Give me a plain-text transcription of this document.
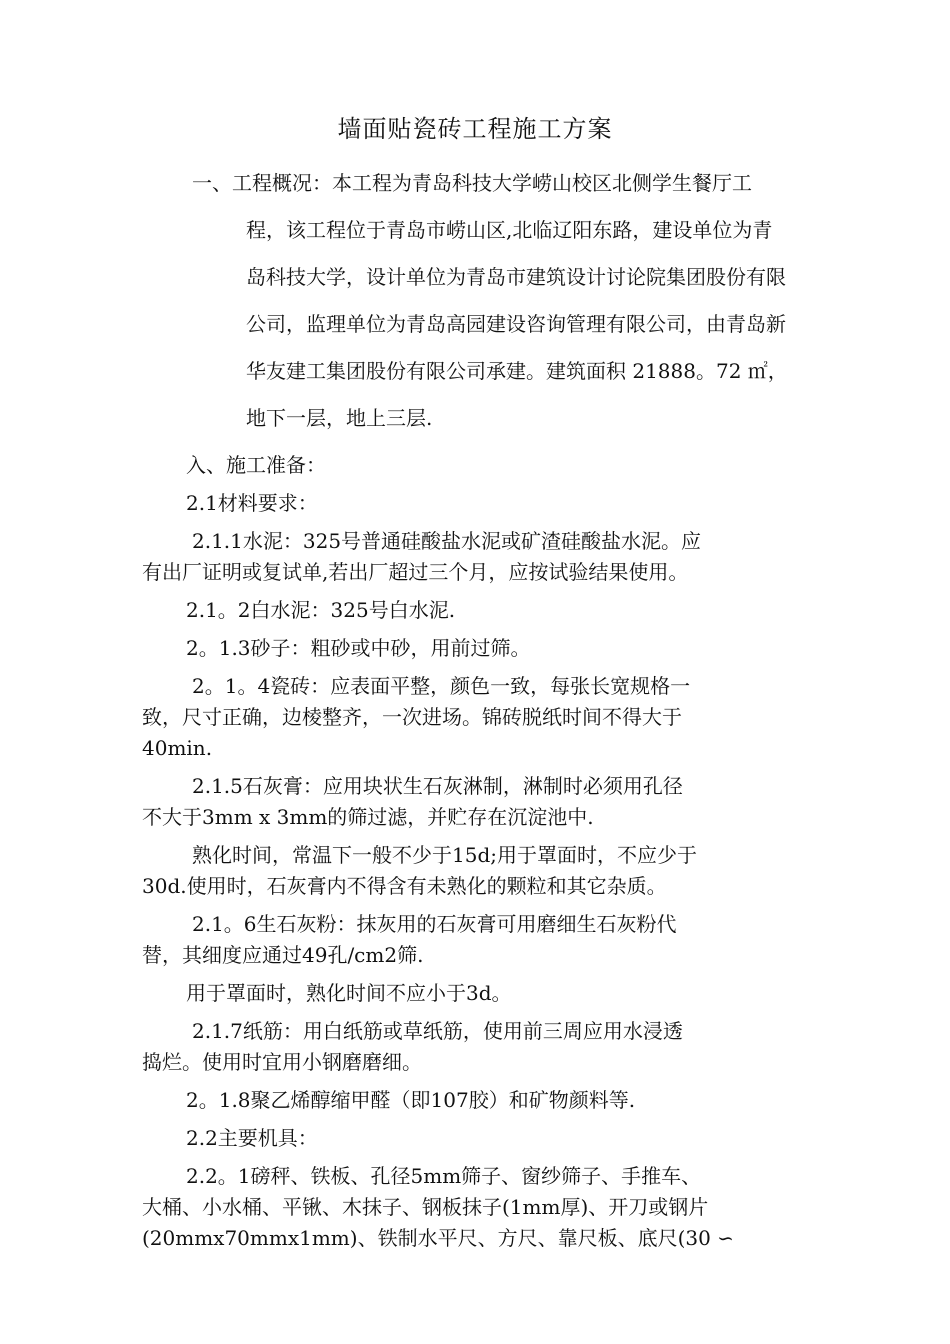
墙面贴瓷砖工程施工方案
一、工程概况：本工程为青岛科技大学崂山校区北侧学生餐厅工
程，该工程位于青岛市崂山区,北临辽阳东路，建设单位为青
岛科技大学，设计单位为青岛市建筑设计讨论院集团股份有限
公司，监理单位为青岛高园建设咨询管理有限公司，由青岛新
华友建工集团股份有限公司承建。建筑面积 21888。72 ㎡，
地下一层，地上三层.
入、施工准备：
2.1材料要求：
2.1.1水泥：325号普通硅酸盐水泥或矿渣硅酸盐水泥。应
有出厂证明或复试单,若出厂超过三个月，应按试验结果使用。
2.1。2白水泥：325号白水泥.
2。1.3砂子：粗砂或中砂，用前过筛。
2。1。4瓷砖：应表面平整，颜色一致，每张长宽规格一
致，尺寸正确，边棱整齐，一次进场。锦砖脱纸时间不得大于
40min.
2.1.5石灰膏：应用块状生石灰淋制，淋制时必须用孔径
不大于3mm x 3mm的筛过滤，并贮存在沉淀池中.
熟化时间，常温下一般不少于15d;用于罩面时，不应少于
30d.使用时，石灰膏内不得含有未熟化的颗粒和其它杂质。
2.1。6生石灰粉：抹灰用的石灰膏可用磨细生石灰粉代
替，其细度应通过49孔/cm2筛.
用于罩面时，熟化时间不应小于3d。
2.1.7纸筋：用白纸筋或草纸筋，使用前三周应用水浸透
捣烂。使用时宜用小钢磨磨细。
2。1.8聚乙烯醇缩甲醛（即107胶）和矿物颜料等.
2.2主要机具：
2.2。1磅秤、铁板、孔径5mm筛子、窗纱筛子、手推车、
大桶、小水桶、平锹、木抹子、钢板抹子(1mm厚)、开刀或钢片
(20mmx70mmx1mm)、铁制水平尺、方尺、靠尺板、底尺(30 ∽
